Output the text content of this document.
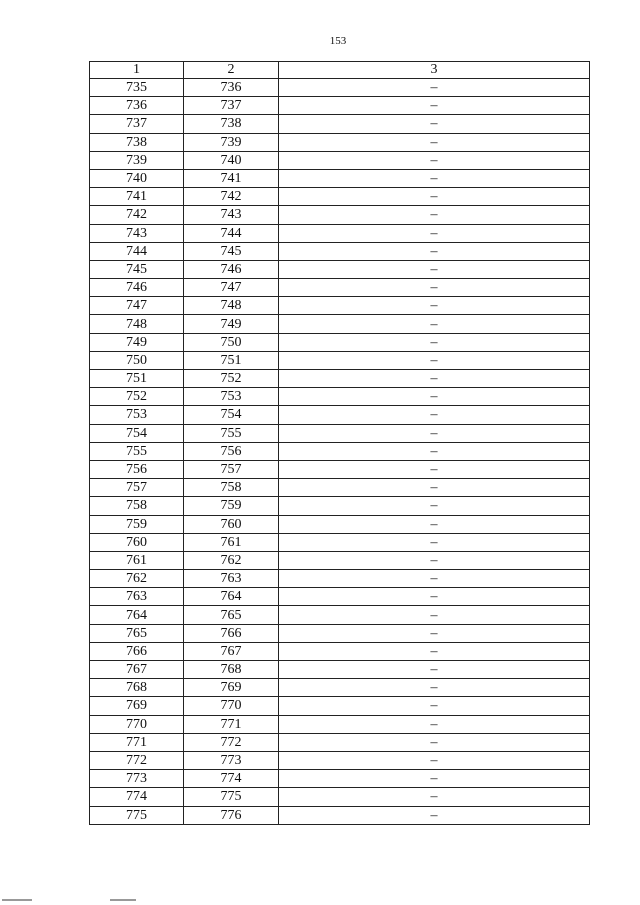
153
1	2	3
735	736	–
736	737	–
737	738	–
738	739	–
739	740	–
740	741	–
741	742	–
742	743	–
743	744	–
744	745	–
745	746	–
746	747	–
747	748	–
748	749	–
749	750	–
750	751	–
751	752	–
752	753	–
753	754	–
754	755	–
755	756	–
756	757	–
757	758	–
758	759	–
759	760	–
760	761	–
761	762	–
762	763	–
763	764	–
764	765	–
765	766	–
766	767	–
767	768	–
768	769	–
769	770	–
770	771	–
771	772	–
772	773	–
773	774	–
774	775	–
775	776	–
